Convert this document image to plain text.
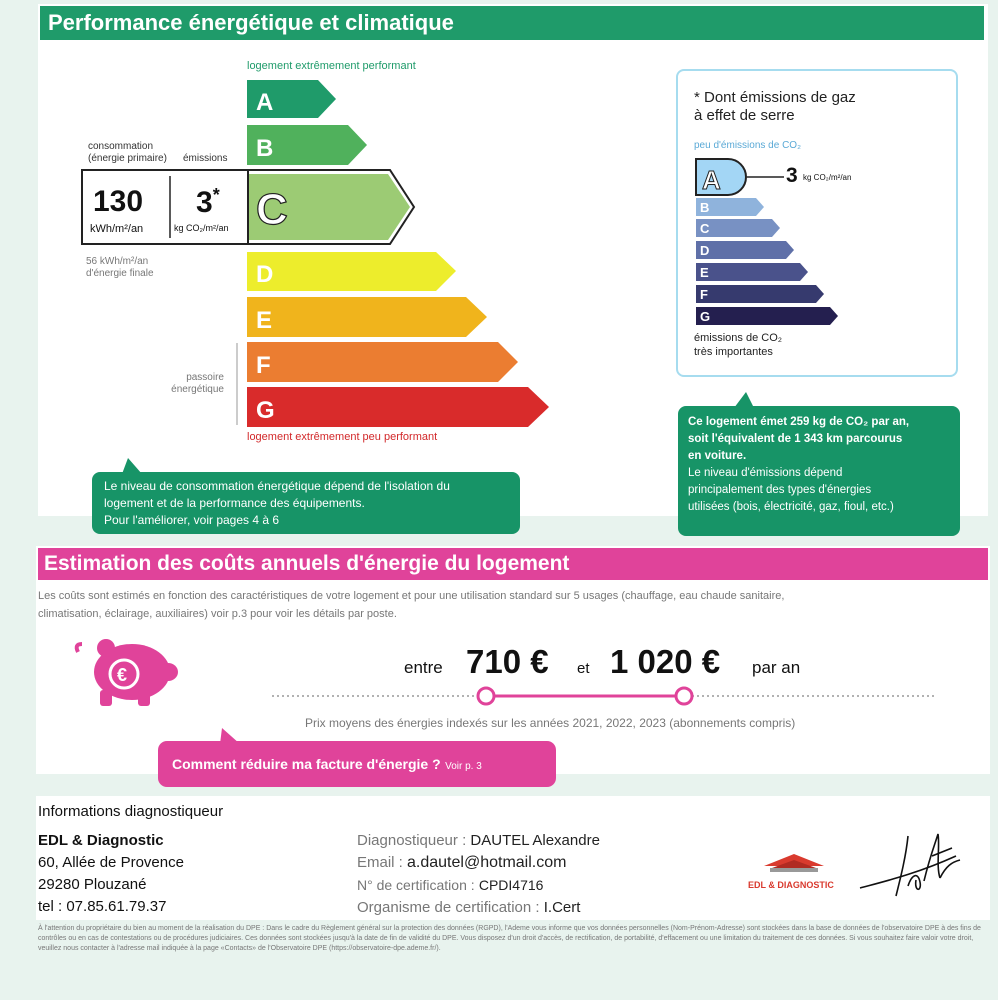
Performance énergétique et climatique
logement extrêmement performant
logement extrêmement peu performant
A
B
C
D
E
F
G
consommation
(énergie primaire) émissions
130
kWh/m²/an
3*
kg CO₂/m²/an
56 kWh/m²/an
d'énergie finale
passoire
énergétique
Le niveau de consommation énergétique dépend de l'isolation du
logement et de la performance des équipements.
Pour l'améliorer, voir pages 4 à 6
* Dont émissions de gaz
à effet de serre
peu d'émissions de CO₂
A
B
C
D
E
F
G
3 kg CO₂/m²/an
émissions de CO₂
très importantes
Ce logement émet 259 kg de CO₂ par an,
soit l'équivalent de 1 343 km parcourus
en voiture.
Le niveau d'émissions dépend
principalement des types d'énergies
utilisées (bois, électricité, gaz, fioul, etc.)
Estimation des coûts annuels d'énergie du logement
Les coûts sont estimés en fonction des caractéristiques de votre logement et pour une utilisation standard sur 5 usages (chauffage, eau chaude sanitaire,
climatisation, éclairage, auxiliaires) voir p.3 pour voir les détails par poste.
€	entre 710 € et 1 020 € par an
Prix moyens des énergies indexés sur les années 2021, 2022, 2023 (abonnements compris)
Comment réduire ma facture d'énergie ? Voir p. 3
Informations diagnostiqueur
EDL & Diagnostic
60, Allée de Provence
29280 Plouzané
tel : 07.85.61.79.37
Diagnostiqueur : DAUTEL Alexandre
Email : a.dautel@hotmail.com
N° de certification : CPDI4716
Organisme de certification : I.Cert
EDL & DIAGNOSTIC
À l'attention du propriétaire du bien au moment de la réalisation du DPE : Dans le cadre du Règlement général sur la protection des données (RGPD), l'Ademe vous informe que vos données personnelles (Nom-Prénom-Adresse) sont stockées dans la base de données de l'observatoire DPE à des fins de contrôles ou en cas de contestations ou de procédures judiciaires. Ces données sont stockées jusqu'à la date de fin de validité du DPE. Vous disposez d'un droit d'accès, de rectification, de portabilité, d'effacement ou une limitation du traitement de ces données. Si vous souhaitez faire valoir votre droit, veuillez nous contacter à l'adresse mail indiquée à la page «Contacts» de l'Observatoire DPE (https://observatoire-dpe.ademe.fr/).
